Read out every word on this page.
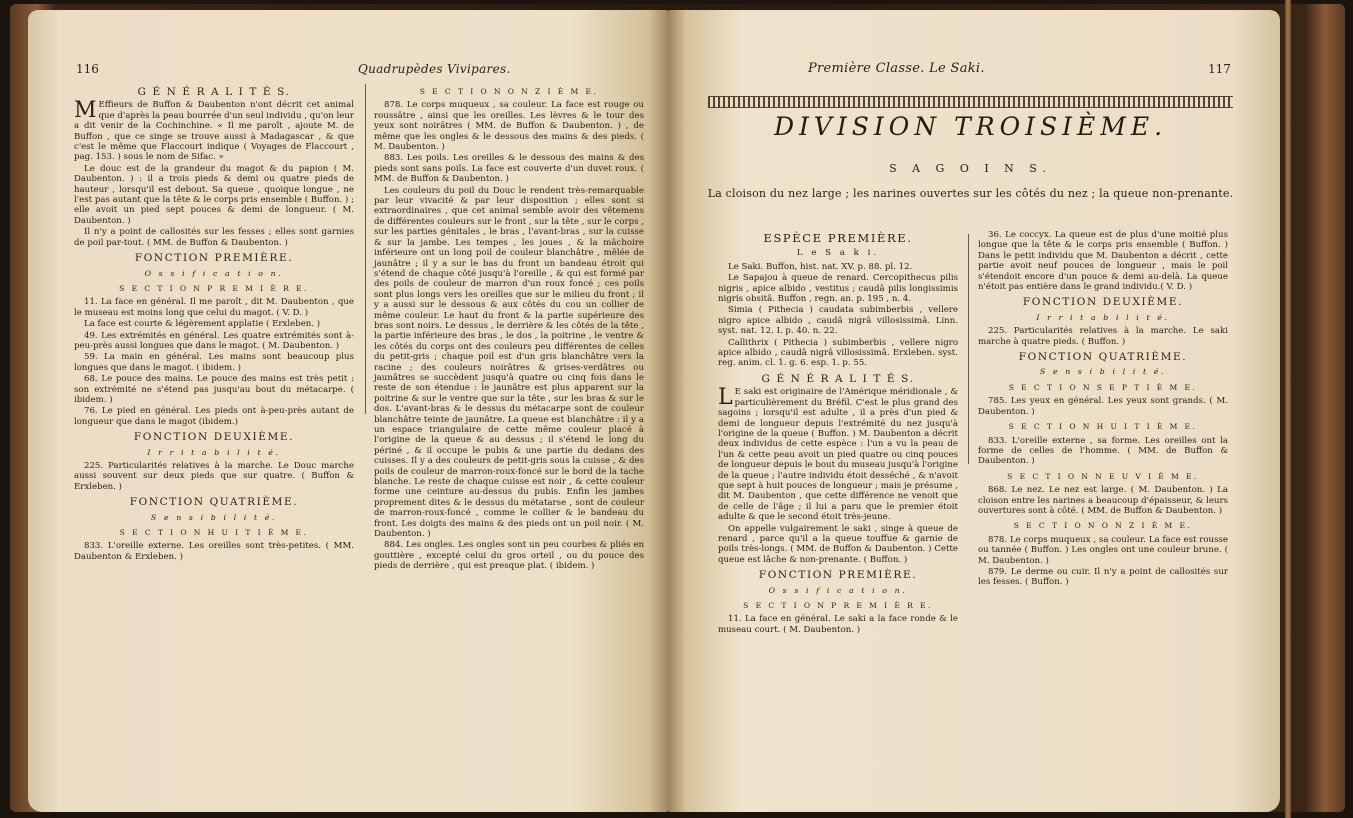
116	Quadrupèdes Vivipares.

G É N É R A L I T É S.

M Effieurs de Buffon & Daubenton n'ont décrit cet animal que d'après la peau bourrée d'un seul individu , qu'on leur a dit venir de la Cochinchine. « Il me paroît , ajoute M. de Buffon , que ce singe se trouve aussi à Madagascar , & que c'est le même que Flaccourt indique ( Voyages de Flaccourt , pag. 153. ) sous le nom de Sifac. »

Le douc est de la grandeur du magot & du papion ( M. Daubenton. ) : il a trois pieds & demi ou quatre pieds de hauteur , lorsqu'il est debout. Sa queue , quoique longue , ne l'est pas autant que la tête & le corps pris ensemble ( Buffon. ) ; elle avoit un pied sept pouces & demi de longueur. ( M. Daubenton. )

Il n'y a point de callosités sur les fesses ; elles sont garnies de poil par-tout. ( MM. de Buffon & Daubenton. )

FONCTION PREMIÈRE.

O s s i f i c a t i o n.

S E C T I O N P R E M I È R E.

11. La face en général. Il me paroît , dit M. Daubenton , que le museau est moins long que celui du magot. ( V. D. )

La face est courte & légèrement applatie ( Erxleben. )

49. Les extrémités en général. Les quatre extrémités sont à-peu-près aussi longues que dans le magot. ( M. Daubenton. )

59. La main en général. Les mains sont beaucoup plus longues que dans le magot. ( ibidem. )

68. Le pouce des mains. Le pouce des mains est très petit : son extrémité ne s'étend pas jusqu'au bout du métacarpe. ( ibidem. )

76. Le pied en général. Les pieds ont à-peu-près autant de longueur que dans le magot (ibidem.)

FONCTION DEUXIÈME.

I r r i t a b i l i t é.

225. Particularités relatives à la marche. Le Douc marche aussi souvent sur deux pieds que sur quatre. ( Buffon & Erxleben. )

FONCTION QUATRIÈME.

S e n s i b i l i t é.

S E C T I O N H U I T I È M E.

833. L'oreille externe. Les oreilles sont très-petites. ( MM. Daubenton & Erxleben. )

S E C T I O N O N Z I È M E.

878. Le corps muqueux , sa couleur. La face est rouge ou roussâtre , ainsi que les oreilles. Les lèvres & le tour des yeux sont noirâtres ( MM. de Buffon & Daubenton. ) , de même que les ongles & le dessous des mains & des pieds. ( M. Daubenton. )

883. Les poils. Les oreilles & le dessous des mains & des pieds sont sans poils. La face est couverte d'un duvet roux. ( MM. de Buffon & Daubenton. )

Les couleurs du poil du Douc le rendent très-remarquable par leur vivacité & par leur disposition ; elles sont si extraordinaires , que cet animal semble avoir des vêtemens de différentes couleurs sur le front , sur la tête , sur le corps , sur les parties génitales , le bras , l'avant-bras , sur la cuisse & sur la jambe. Les tempes , les joues , & la mâchoire inférieure ont un long poil de couleur blanchâtre , mêlée de jaunâtre ; il y a sur le bas du front un bandeau étroit qui s'étend de chaque côté jusqu'à l'oreille , & qui est formé par des poils de couleur de marron d'un roux foncé ; ces poils sont plus longs vers les oreilles que sur le milieu du front ; il y a aussi sur le dessous & aux côtés du cou un collier de même couleur. Le haut du front & la partie supérieure des bras sont noirs. Le dessus , le derrière & les côtés de la tête , la partie inférieure des bras , le dos , la poitrine , le ventre & les côtés du corps ont des couleurs peu différentes de celles du petit-gris ; chaque poil est d'un gris blanchâtre vers la racine ; des couleurs noirâtres & grises-verdâtres ou jaunâtres se succèdent jusqu'à quatre ou cinq fois dans le reste de son étendue : le jaunâtre est plus apparent sur la poitrine & sur le ventre que sur la tête , sur les bras & sur le dos. L'avant-bras & le dessus du métacarpe sont de couleur blanchâtre teinte de jaunâtre. La queue est blanchâtre : il y a un espace triangulaire de cette même couleur placé à l'origine de la queue & au dessus ; il s'étend le long du périné , & il occupe le pubis & une partie du dedans des cuisses. Il y a des couleurs de petit-gris sous la cuisse , & des poils de couleur de marron-roux-foncé sur le bord de la tache blanche. Le reste de chaque cuisse est noir , & cette couleur forme une ceinture au-dessus du pubis. Enfin les jambes proprement dites & le dessus du métatarse , sont de couleur de marron-roux-foncé , comme le collier & le bandeau du front. Les doigts des mains & des pieds ont un poil noir. ( M. Daubenton. )

884. Les ongles. Les ongles sont un peu courbes & pliés en gouttière , excepté celui du gros orteil , ou du pouce des pieds de derrière , qui est presque plat. ( ibidem. )

Première Classe. Le Saki.	117
DIVISION TROISIÈME.
S A G O I N S.
La cloison du nez large ; les narines ouvertes sur les côtés du nez ; la queue non-prenante.

ESPÈCE PREMIÈRE.

L e S a k i.

Le Saki. Buffon, hist. nat. XV. p. 88. pl. 12.

Le Sapajou à queue de renard. Cercopithecus pilis nigris , apice albido , vestitus ; caudâ pilis longissimis nigris obsitâ. Buffon , regn. an. p. 195 , n. 4.

Simia ( Pithecia ) caudata subimberbis , vellere nigro apice albido , caudâ nigrâ villosissimâ. Linn. syst. nat. 12. I. p. 40. n. 22.

Callithrix ( Pithecia ) subimberbis , vellere nigro apice albido , caudâ nigrâ villosissimâ. Erxleben. syst. reg. anim. cl. 1. g. 6. esp. 1. p. 55.

G É N É R A L I T É S.

L E saki est originaire de l'Amérique méridionale , & particulièrement du Bréfil. C'est le plus grand des sagoins ; lorsqu'il est adulte , il a près d'un pied & demi de longueur depuis l'extrémité du nez jusqu'à l'origine de la queue ( Buffon. ) M. Daubenton a décrit deux individus de cette espèce : l'un a vu la peau de l'un & cette peau avoit un pied quatre ou cinq pouces de longueur depuis le bout du museau jusqu'à l'origine de la queue ; l'autre individu étoit desséché , & n'avoit que sept à huit pouces de longueur ; mais je présume , dit M. Daubenton , que cette différence ne venoit que de celle de l'âge ; il lui a paru que le premier étoit adulte & que le second étoit très-jeune.

On appelle vulgairement le saki , singe à queue de renard , parce qu'il a la queue touffue & garnie de poils très-longs. ( MM. de Buffon & Daubenton. ) Cette queue est lâche & non-prenante. ( Buffon. )

FONCTION PREMIÈRE.

O s s i f i c a t i o n.

S E C T I O N P R E M I È R E.

11. La face en général. Le saki a la face ronde & le museau court. ( M. Daubenton. )

36. Le coccyx. La queue est de plus d'une moitié plus longue que la tête & le corps pris ensemble ( Buffon. ) Dans le petit individu que M. Daubenton a décrit , cette partie avoit neuf pouces de longueur , mais le poil s'étendoit encore d'un pouce & demi au-delà. La queue n'étoit pas entière dans le grand individu.( V. D. )

FONCTION DEUXIÈME.

I r r i t a b i l i t é.

225. Particularités relatives à la marche. Le saki marche à quatre pieds. ( Buffon. )

FONCTION QUATRIÈME.

S e n s i b i l i t é.

S E C T I O N S E P T I È M E.

785. Les yeux en général. Les yeux sont grands. ( M. Daubenton. )

S E C T I O N H U I T I È M E.

833. L'oreille externe , sa forme. Les oreilles ont la forme de celles de l'homme. ( MM. de Buffon & Daubenton. )

S E C T I O N N E U V I È M E.

868. Le nez. Le nez est large. ( M. Daubenton. ) La cloison entre les narines a beaucoup d'épaisseur, & leurs ouvertures sont à côté. ( MM. de Buffon & Daubenton. )

S E C T I O N O N Z I È M E.

878. Le corps muqueux , sa couleur. La face est rousse ou tannée ( Buffon. ) Les ongles ont une couleur brune. ( M. Daubenton. )

879. Le derme ou cuir. Il n'y a point de callosités sur les fesses. ( Buffon. )
